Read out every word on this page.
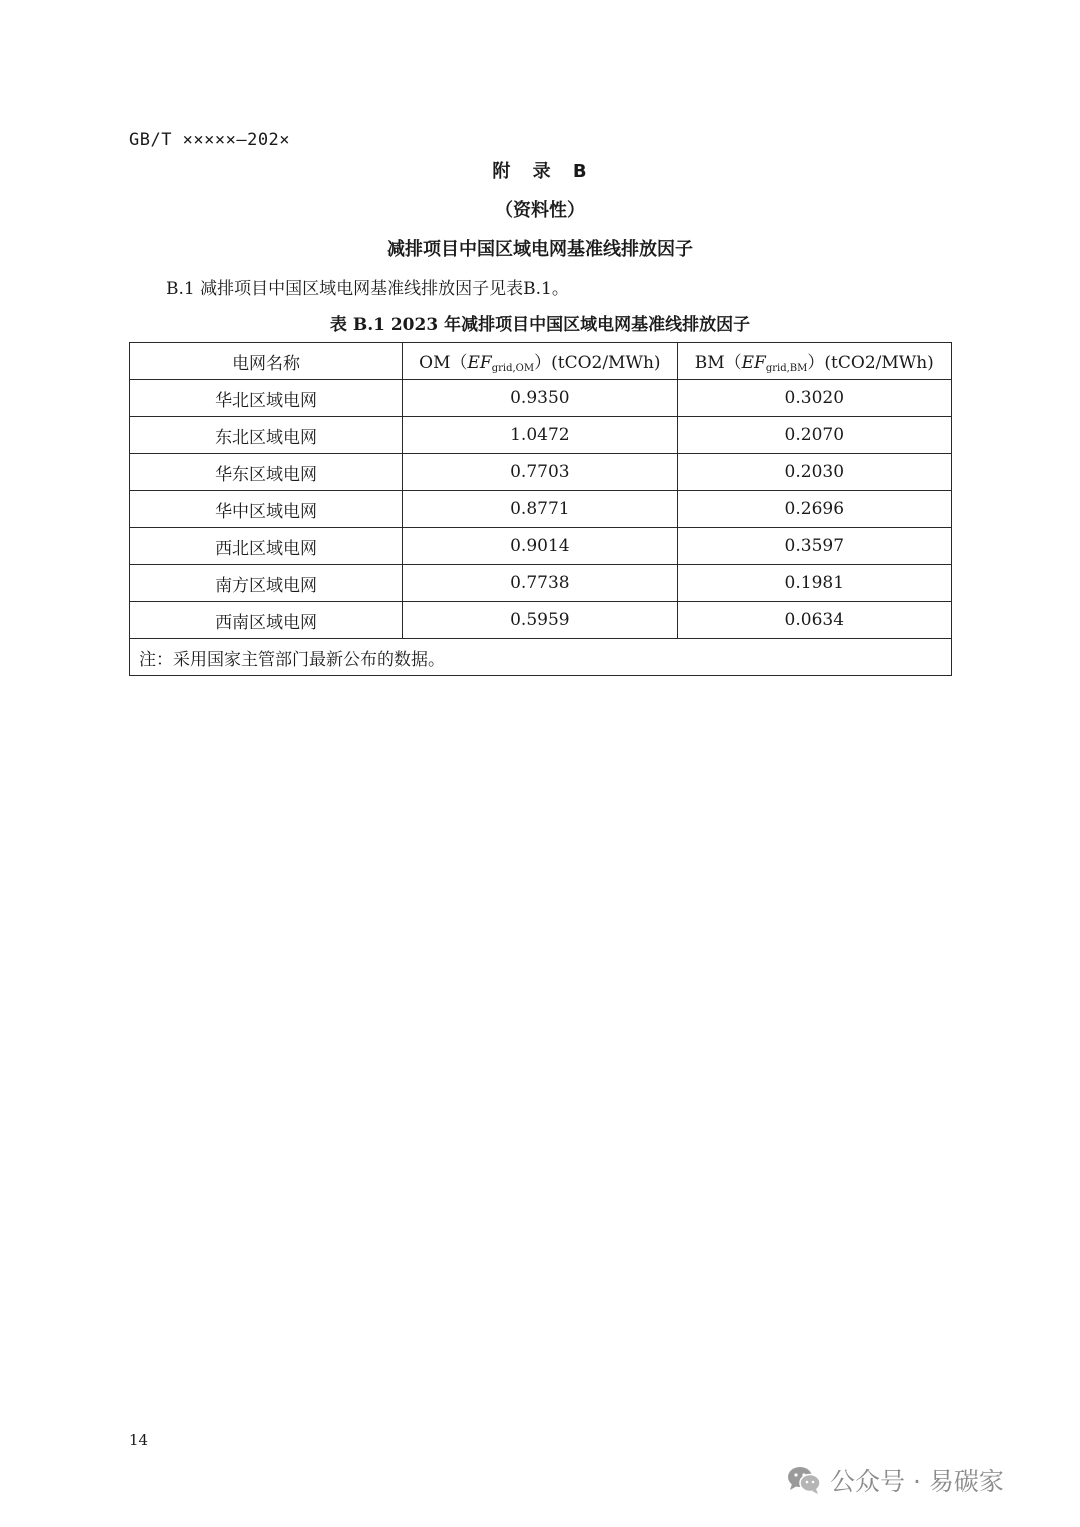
GB/T ×××××—202×
附 录 B
（资料性）
减排项目中国区域电网基准线排放因子
B.1 减排项目中国区域电网基准线排放因子见表B.1。
表 B.1 2023 年减排项目中国区域电网基准线排放因子
电网名称	$OM(EF_{grid,OM})(tCO2/MWh)$	$BM(EF_{grid,BM})(tCO2/MWh)$
华北区域电网	0.9350	0.3020
东北区域电网	1.0472	0.2070
华东区域电网	0.7703	0.2030
华中区域电网	0.8771	0.2696
西北区域电网	0.9014	0.3597
南方区域电网	0.7738	0.1981
西南区域电网	0.5959	0.0634
注：采用国家主管部门最新公布的数据。		
14
公众号 · 易碳家
